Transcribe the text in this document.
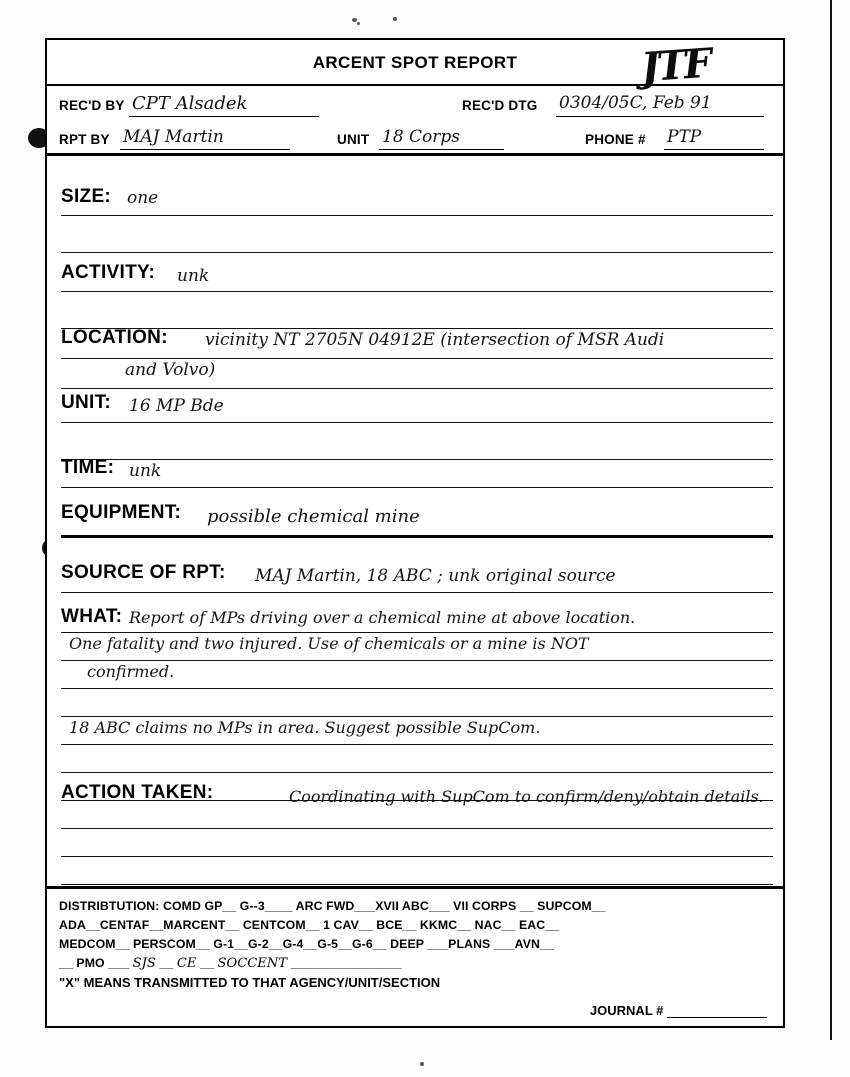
ARCENT SPOT REPORT	JTF
REC'D BY CPT Alsadek	REC'D DTG 0304/05C, Feb 91
RPT BY MAJ Martin	UNIT 18 Corps	PHONE # PTP
SIZE: one
ACTIVITY: unk
LOCATION: vicinity NT 2705N 04912E (intersection of MSR Audi
and Volvo)
UNIT: 16 MP Bde
TIME: unk
EQUIPMENT: possible chemical mine
SOURCE OF RPT: MAJ Martin, 18 ABC ; unk original source
WHAT: Report of MPs driving over a chemical mine at above location.
One fatality and two injured. Use of chemicals or a mine is NOT
confirmed.
18 ABC claims no MPs in area. Suggest possible SupCom.
ACTION TAKEN:	Coordinating with SupCom to confirm/deny/obtain details.
DISTRIBTUTION: COMD GP__ G--3____ ARC FWD___XVII ABC___ VII CORPS __ SUPCOM__
ADA__CENTAF__MARCENT__ CENTCOM__ 1 CAV__ BCE__ KKMC__ NAC__ EAC__
MEDCOM__ PERSCOM__ G-1__G-2__G-4__G-5__G-6__ DEEP ___PLANS ___AVN__
__ PMO ___ SJS __ CE __ SOCCENT ________________
"X" MEANS TRANSMITTED TO THAT AGENCY/UNIT/SECTION
JOURNAL #
